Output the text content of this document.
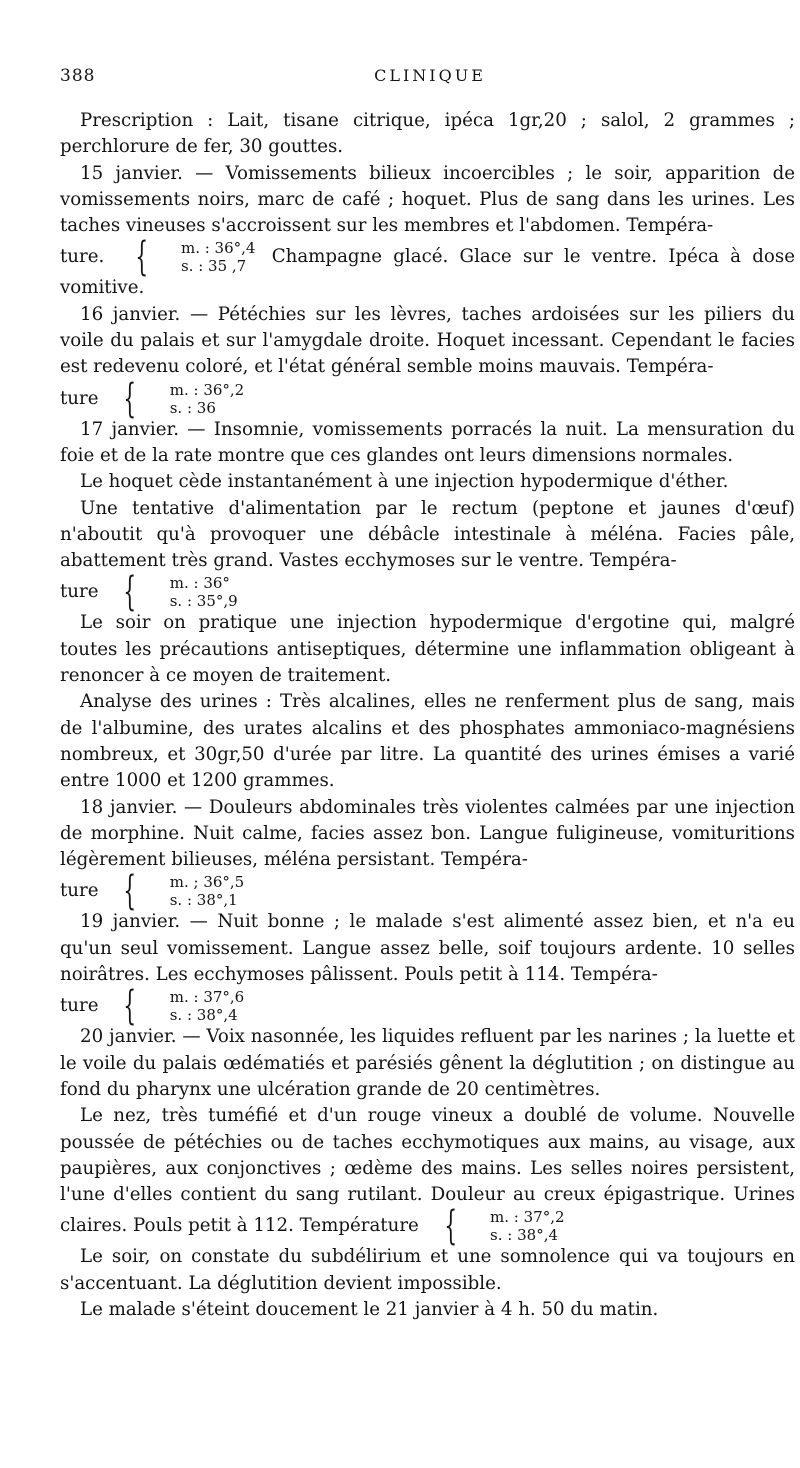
388	CLINIQUE

Prescription : Lait, tisane citrique, ipéca 1gr,20 ; salol, 2 grammes ; perchlorure de fer, 30 gouttes.

15 janvier. — Vomissements bilieux incoercibles ; le soir, apparition de vomissements noirs, marc de café ; hoquet. Plus de sang dans les urines. Les taches vineuses s'accroissent sur les membres et l'abdomen. Tempéra-
ture. {	m. : 36°,4
s. : 35 ,7	Champagne glacé. Glace sur le ventre. Ipéca à dose vomitive.

16 janvier. — Pétéchies sur les lèvres, taches ardoisées sur les piliers du voile du palais et sur l'amygdale droite. Hoquet incessant. Cependant le facies est redevenu coloré, et l'état général semble moins mauvais. Tempéra-
ture {	m. : 36°,2
s. : 36

17 janvier. — Insomnie, vomissements porracés la nuit. La mensuration du foie et de la rate montre que ces glandes ont leurs dimensions normales.

Le hoquet cède instantanément à une injection hypodermique d'éther.

Une tentative d'alimentation par le rectum (peptone et jaunes d'œuf) n'aboutit qu'à provoquer une débâcle intestinale à méléna. Facies pâle, abattement très grand. Vastes ecchymoses sur le ventre. Tempéra-
ture {	m. : 36°
s. : 35°,9

Le soir on pratique une injection hypodermique d'ergotine qui, malgré toutes les précautions antiseptiques, détermine une inflammation obligeant à renoncer à ce moyen de traitement.

Analyse des urines : Très alcalines, elles ne renferment plus de sang, mais de l'albumine, des urates alcalins et des phosphates ammoniaco-magnésiens nombreux, et 30gr,50 d'urée par litre. La quantité des urines émises a varié entre 1000 et 1200 grammes.

18 janvier. — Douleurs abdominales très violentes calmées par une injection de morphine. Nuit calme, facies assez bon. Langue fuligineuse, vomituritions légèrement bilieuses, méléna persistant. Tempéra-
ture {	m. ; 36°,5
s. : 38°,1

19 janvier. — Nuit bonne ; le malade s'est alimenté assez bien, et n'a eu qu'un seul vomissement. Langue assez belle, soif toujours ardente. 10 selles noirâtres. Les ecchymoses pâlissent. Pouls petit à 114. Tempéra-
ture {	m. : 37°,6
s. : 38°,4

20 janvier. — Voix nasonnée, les liquides refluent par les narines ; la luette et le voile du palais œdématiés et parésiés gênent la déglutition ; on distingue au fond du pharynx une ulcération grande de 20 centimètres.

Le nez, très tuméfié et d'un rouge vineux a doublé de volume. Nouvelle poussée de pétéchies ou de taches ecchymotiques aux mains, au visage, aux paupières, aux conjonctives ; œdème des mains. Les selles noires persistent, l'une d'elles contient du sang rutilant. Douleur au creux épigastrique. Urines claires. Pouls petit à 112. Température {	m. : 37°,2
s. : 38°,4

Le soir, on constate du subdélirium et une somnolence qui va toujours en s'accentuant. La déglutition devient impossible.

Le malade s'éteint doucement le 21 janvier à 4 h. 50 du matin.
